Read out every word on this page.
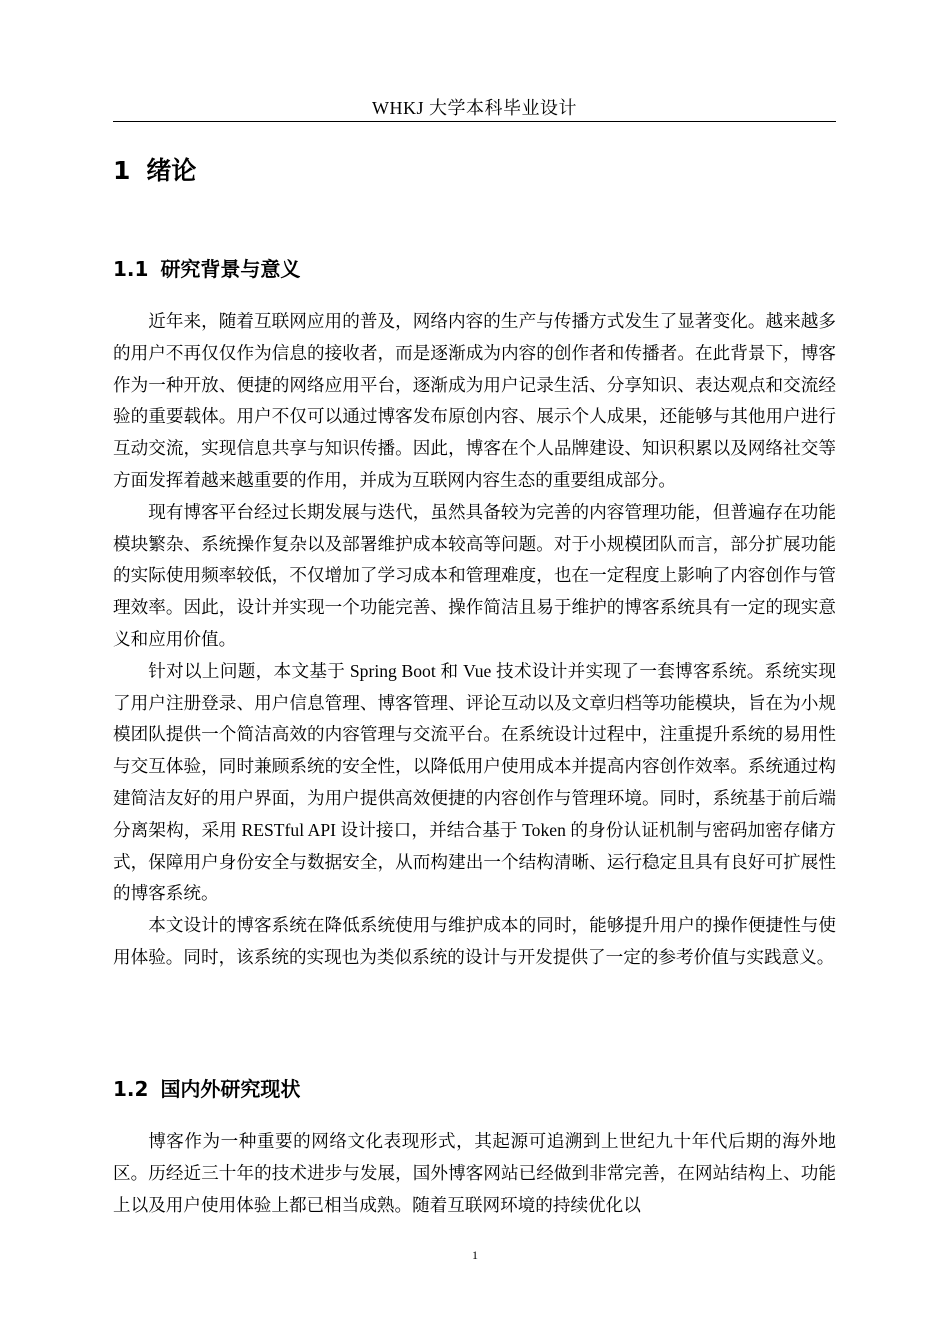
WHKJ 大学本科毕业设计
1 绪论
1.1 研究背景与意义

近年来，随着互联网应用的普及，网络内容的生产与传播方式发生了显著变化。越来越多的用户不再仅仅作为信息的接收者，而是逐渐成为内容的创作者和传播者。在此背景下，博客作为一种开放、便捷的网络应用平台，逐渐成为用户记录生活、分享知识、表达观点和交流经验的重要载体。用户不仅可以通过博客发布原创内容、展示个人成果，还能够与其他用户进行互动交流，实现信息共享与知识传播。因此，博客在个人品牌建设、知识积累以及网络社交等方面发挥着越来越重要的作用，并成为互联网内容生态的重要组成部分。

现有博客平台经过长期发展与迭代，虽然具备较为完善的内容管理功能，但普遍存在功能模块繁杂、系统操作复杂以及部署维护成本较高等问题。对于小规模团队而言，部分扩展功能的实际使用频率较低，不仅增加了学习成本和管理难度，也在一定程度上影响了内容创作与管理效率。因此，设计并实现一个功能完善、操作简洁且易于维护的博客系统具有一定的现实意义和应用价值。

针对以上问题，本文基于 Spring Boot 和 Vue 技术设计并实现了一套博客系统。系统实现了用户注册登录、用户信息管理、博客管理、评论互动以及文章归档等功能模块，旨在为小规模团队提供一个简洁高效的内容管理与交流平台。在系统设计过程中，注重提升系统的易用性与交互体验，同时兼顾系统的安全性，以降低用户使用成本并提高内容创作效率。系统通过构建简洁友好的用户界面，为用户提供高效便捷的内容创作与管理环境。同时，系统基于前后端分离架构，采用 RESTful API 设计接口，并结合基于 Token 的身份认证机制与密码加密存储方式，保障用户身份安全与数据安全，从而构建出一个结构清晰、运行稳定且具有良好可扩展性的博客系统。

本文设计的博客系统在降低系统使用与维护成本的同时，能够提升用户的操作便捷性与使用体验。同时，该系统的实现也为类似系统的设计与开发提供了一定的参考价值与实践意义。

1.2 国内外研究现状

博客作为一种重要的网络文化表现形式，其起源可追溯到上世纪九十年代后期的海外地区。历经近三十年的技术进步与发展，国外博客网站已经做到非常完善，在网站结构上、功能上以及用户使用体验上都已相当成熟。随着互联网环境的持续优化以

1
